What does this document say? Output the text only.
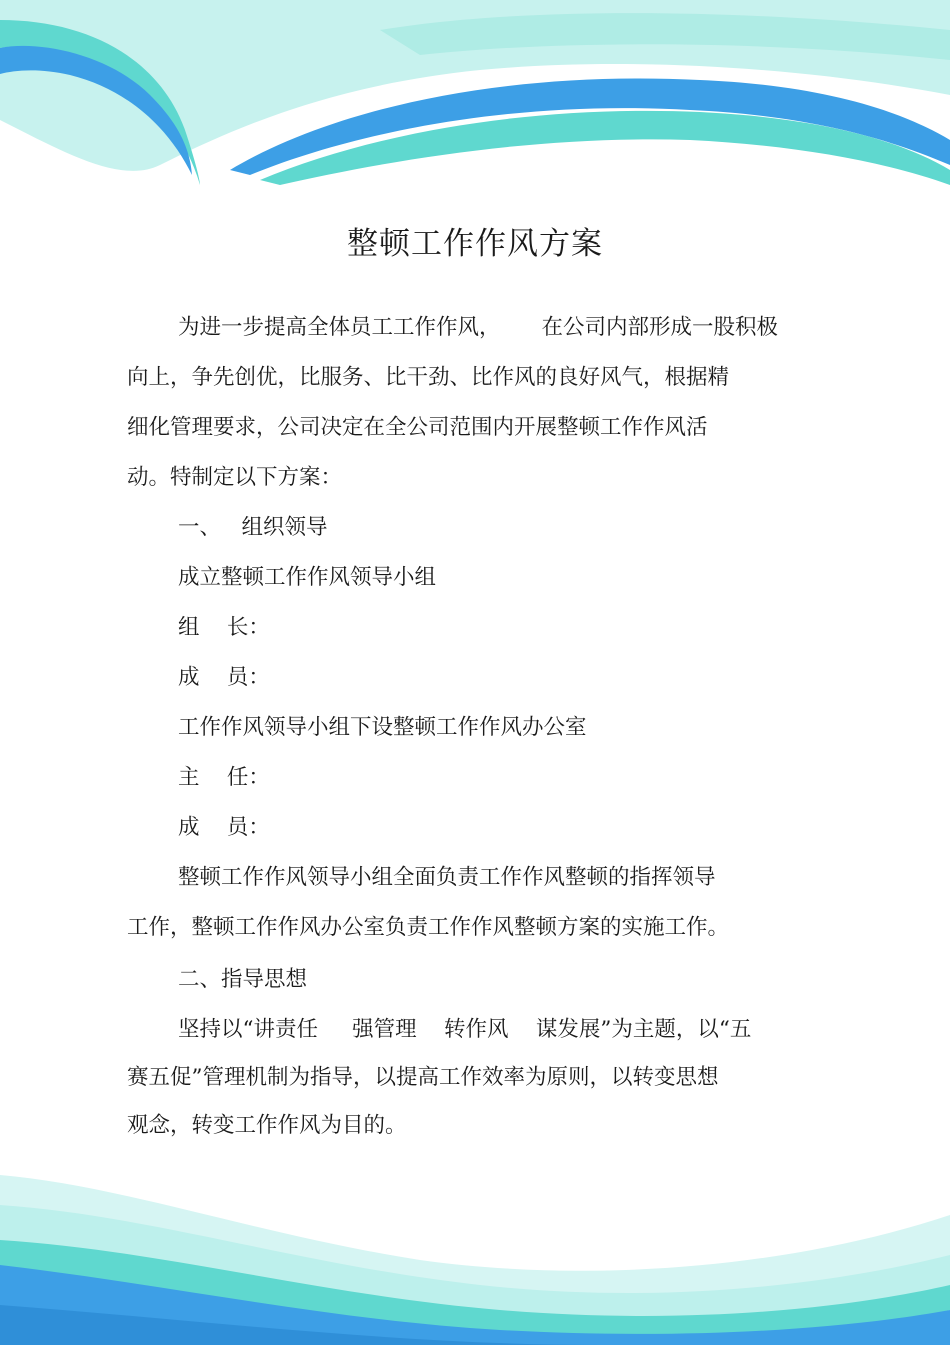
整顿工作作风方案
为进一步提高全体员工工作作风，      在公司内部形成一股积极
向上，争先创优，比服务、比干劲、比作风的良好风气，根据精
细化管理要求，公司决定在全公司范围内开展整顿工作作风活
动。特制定以下方案：
一、   组织领导
成立整顿工作作风领导小组
组    长：
成    员：
工作作风领导小组下设整顿工作作风办公室
主    任：
成    员：
整顿工作作风领导小组全面负责工作作风整顿的指挥领导
工作，整顿工作作风办公室负责工作作风整顿方案的实施工作。
二、指导思想
坚持以“讲责任     强管理    转作风    谋发展”为主题，以“五
赛五促”管理机制为指导，以提高工作效率为原则，以转变思想
观念，转变工作作风为目的。
